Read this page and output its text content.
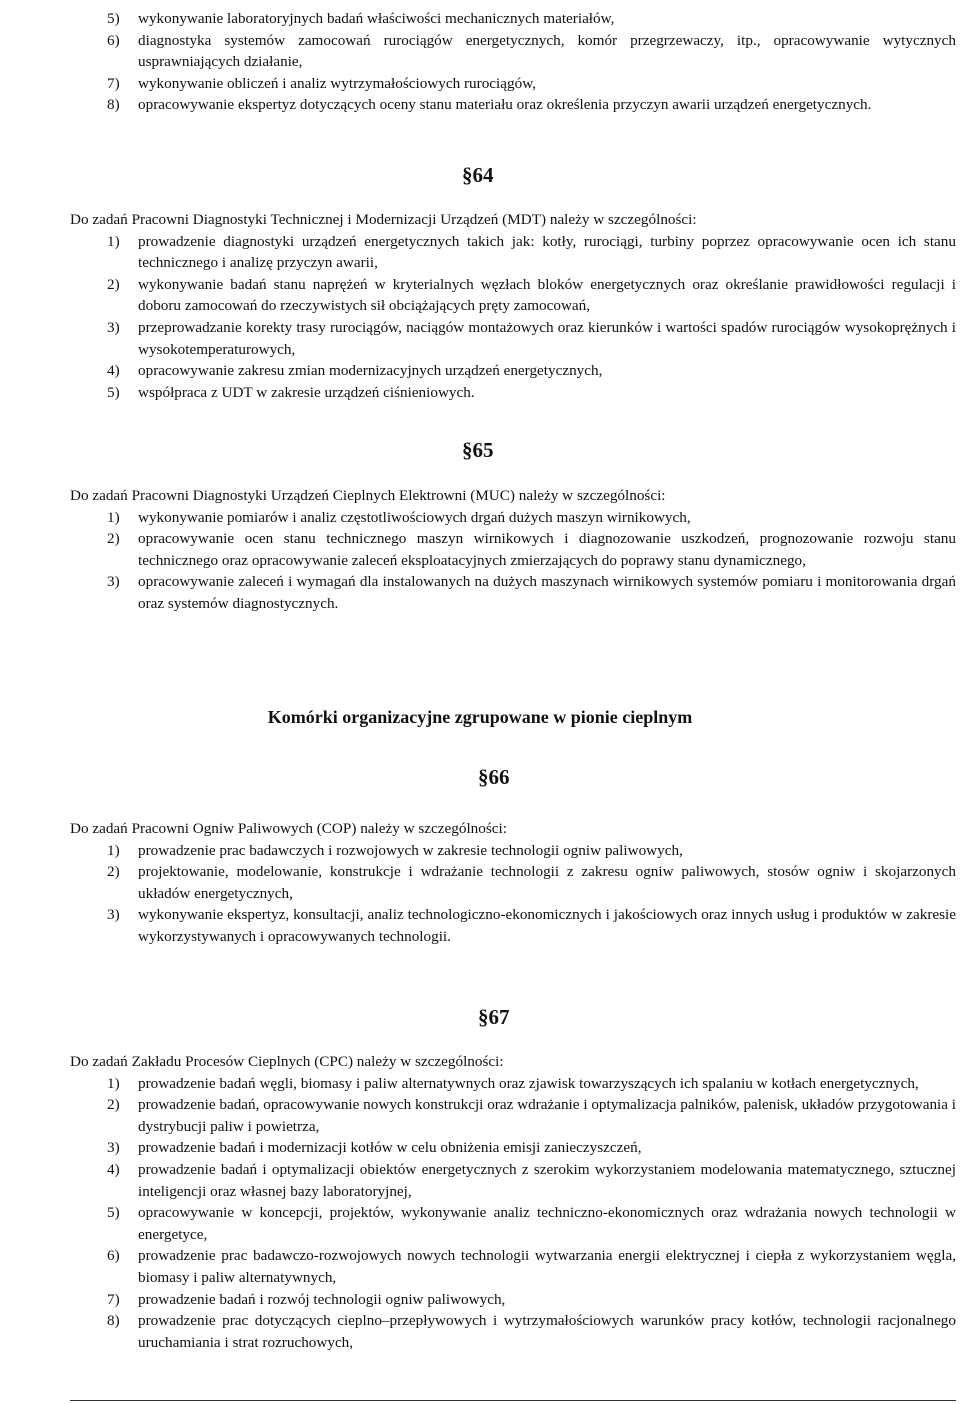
5)	wykonywanie laboratoryjnych badań właściwości mechanicznych materiałów,
6)	diagnostyka systemów zamocowań rurociągów energetycznych, komór przegrzewaczy, itp., opracowywanie wytycznych usprawniających działanie,
7)	wykonywanie obliczeń i analiz wytrzymałościowych rurociągów,
8)	opracowywanie ekspertyz dotyczących oceny stanu materiału oraz określenia przyczyn awarii urządzeń energetycznych.
§64
Do zadań Pracowni Diagnostyki Technicznej i Modernizacji Urządzeń (MDT) należy w szczególności:
1)	prowadzenie diagnostyki urządzeń energetycznych takich jak: kotły, rurociągi, turbiny poprzez opracowywanie ocen ich stanu technicznego i analizę przyczyn awarii,
2)	wykonywanie badań stanu naprężeń w kryterialnych węzłach bloków energetycznych oraz określanie prawidłowości regulacji i doboru zamocowań do rzeczywistych sił obciążających pręty zamocowań,
3)	przeprowadzanie korekty trasy rurociągów, naciągów montażowych oraz kierunków i wartości spadów rurociągów wysokoprężnych i wysokotemperaturowych,
4)	opracowywanie zakresu zmian modernizacyjnych urządzeń energetycznych,
5)	współpraca z UDT w zakresie urządzeń ciśnieniowych.
§65
Do zadań Pracowni Diagnostyki Urządzeń Cieplnych Elektrowni (MUC) należy w szczególności:
1)	wykonywanie pomiarów i analiz częstotliwościowych drgań dużych maszyn wirnikowych,
2)	opracowywanie ocen stanu technicznego maszyn wirnikowych i diagnozowanie uszkodzeń, prognozowanie rozwoju stanu technicznego oraz opracowywanie zaleceń eksploatacyjnych zmierzających do poprawy stanu dynamicznego,
3)	opracowywanie zaleceń i wymagań dla instalowanych na dużych maszynach wirnikowych systemów pomiaru i monitorowania drgań oraz systemów diagnostycznych.
Komórki organizacyjne zgrupowane w pionie cieplnym
§66
Do zadań Pracowni Ogniw Paliwowych (COP) należy w szczególności:
1)	prowadzenie prac badawczych i rozwojowych w zakresie technologii ogniw paliwowych,
2)	projektowanie, modelowanie, konstrukcje i wdrażanie technologii z zakresu ogniw paliwowych, stosów ogniw i skojarzonych układów energetycznych,
3)	wykonywanie ekspertyz, konsultacji, analiz technologiczno-ekonomicznych i jakościowych oraz innych usług i produktów w zakresie wykorzystywanych i opracowywanych technologii.
§67
Do zadań Zakładu Procesów Cieplnych (CPC) należy w szczególności:
1)	prowadzenie badań węgli, biomasy i paliw alternatywnych oraz zjawisk towarzyszących ich spalaniu w kotłach energetycznych,
2)	prowadzenie badań, opracowywanie nowych konstrukcji oraz wdrażanie i optymalizacja palników, palenisk, układów przygotowania i dystrybucji paliw i powietrza,
3)	prowadzenie badań i modernizacji kotłów w celu obniżenia emisji zanieczyszczeń,
4)	prowadzenie badań i optymalizacji obiektów energetycznych z szerokim wykorzystaniem modelowania matematycznego, sztucznej inteligencji oraz własnej bazy laboratoryjnej,
5)	opracowywanie w koncepcji, projektów, wykonywanie analiz techniczno-ekonomicznych oraz wdrażania nowych technologii w energetyce,
6)	prowadzenie prac badawczo-rozwojowych nowych technologii wytwarzania energii elektrycznej i ciepła z wykorzystaniem węgla, biomasy i paliw alternatywnych,
7)	prowadzenie badań i rozwój technologii ogniw paliwowych,
8)	prowadzenie prac dotyczących cieplno–przepływowych i wytrzymałościowych warunków pracy kotłów, technologii racjonalnego uruchamiania i strat rozruchowych,
